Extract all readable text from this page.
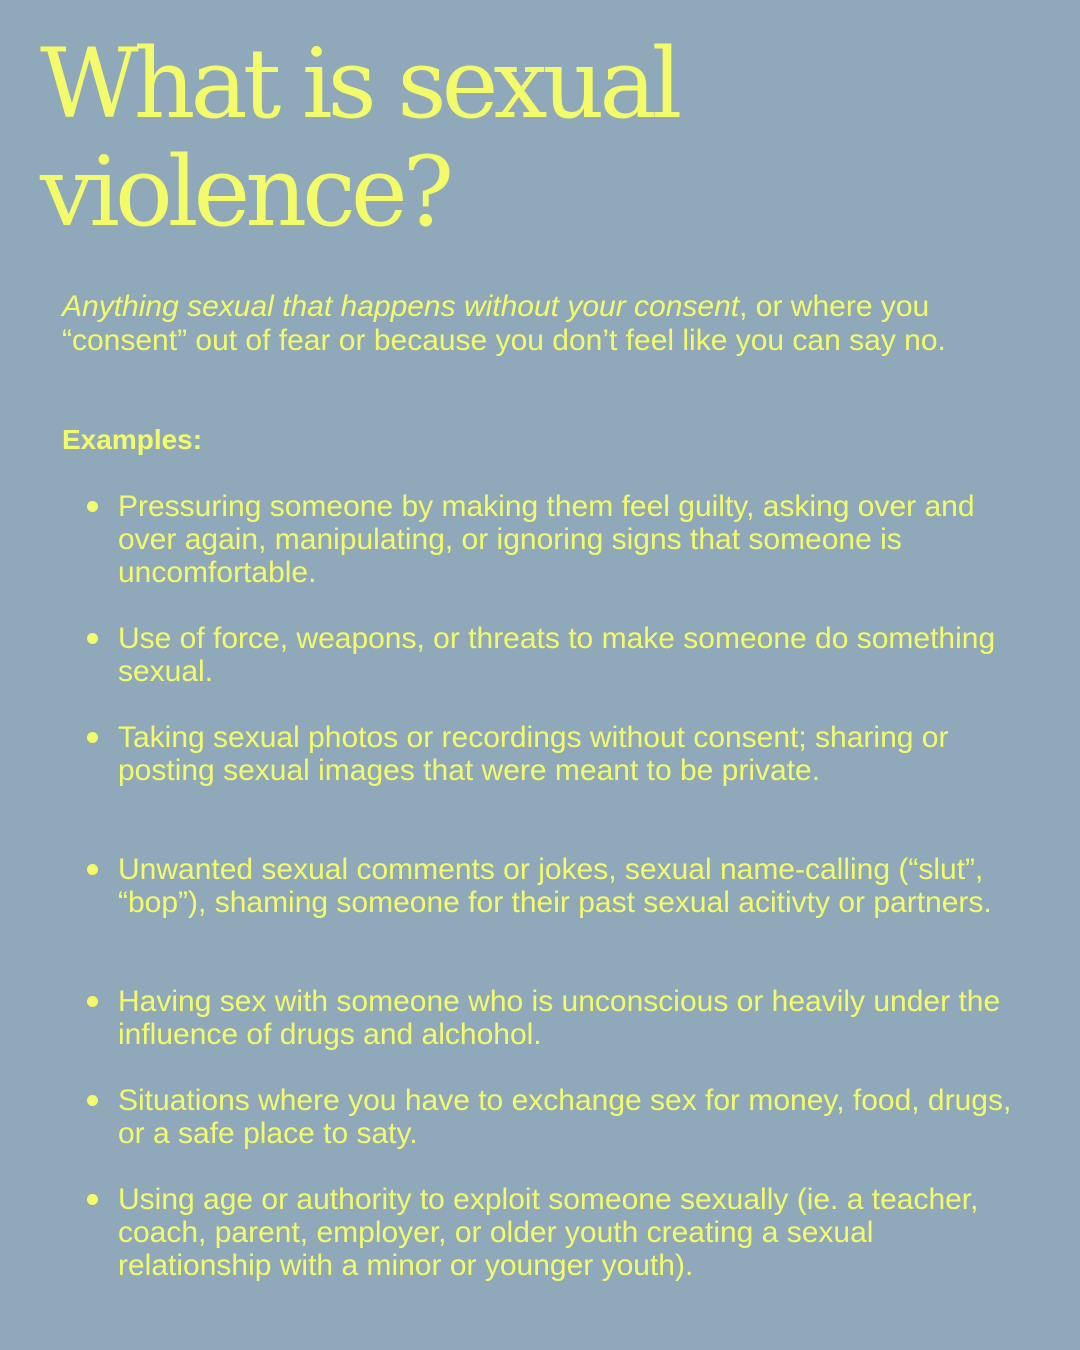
What is sexual
violence?

Anything sexual that happens without your consent, or where you “consent” out of fear or because you don’t feel like you can say no.

Examples:

Pressuring someone by making them feel guilty, asking over and over again, manipulating, or ignoring signs that someone is uncomfortable.
Use of force, weapons, or threats to make someone do something sexual.
Taking sexual photos or recordings without consent; sharing or posting sexual images that were meant to be private.
Unwanted sexual comments or jokes, sexual name-calling (“slut”, “bop”), shaming someone for their past sexual acitivty or partners.
Having sex with someone who is unconscious or heavily under the influence of drugs and alchohol.
Situations where you have to exchange sex for money, food, drugs, or a safe place to saty.
Using age or authority to exploit someone sexually (ie. a teacher, coach, parent, employer, or older youth creating a sexual relationship with a minor or younger youth).
